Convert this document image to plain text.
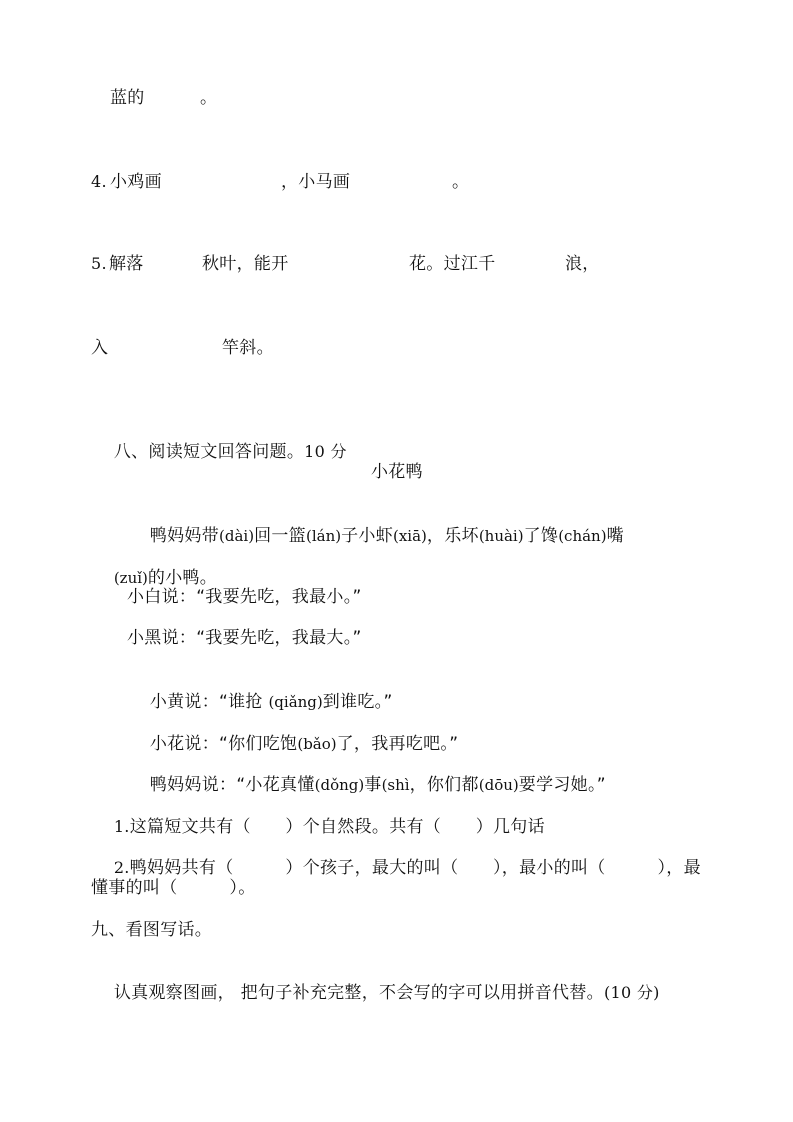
蓝的

	。

4.

小鸡画

	，小马画

	。

5.

解落

	秋叶，能开

	花。过江千

	浪，

入

	竿斜。

八、阅读短文回答问题。10 分

小花鸭

鸭妈妈带(dài)回一篮(lán)子小虾(xiā)，乐坏(huài)了馋(chán)嘴

(zuǐ)的小鸭。

小白说：“我要先吃，我最小。”

小黑说：“我要先吃，我最大。”

小黄说：“谁抢 (qiǎng)到谁吃。”

小花说：“你们吃饱(bǎo)了，我再吃吧。”

鸭妈妈说：“小花真懂(dǒng)事(shì，你们都(dōu)要学习她。”

1.这篇短文共有（　　）个自然段。共有（　　）几句话

2.鸭妈妈共有（　　　）个孩子，最大的叫（　　），最小的叫（　　　），最

懂事的叫（　　　）。

九、看图写话。

认真观察图画， 把句子补充完整，不会写的字可以用拼音代替。(10 分)
